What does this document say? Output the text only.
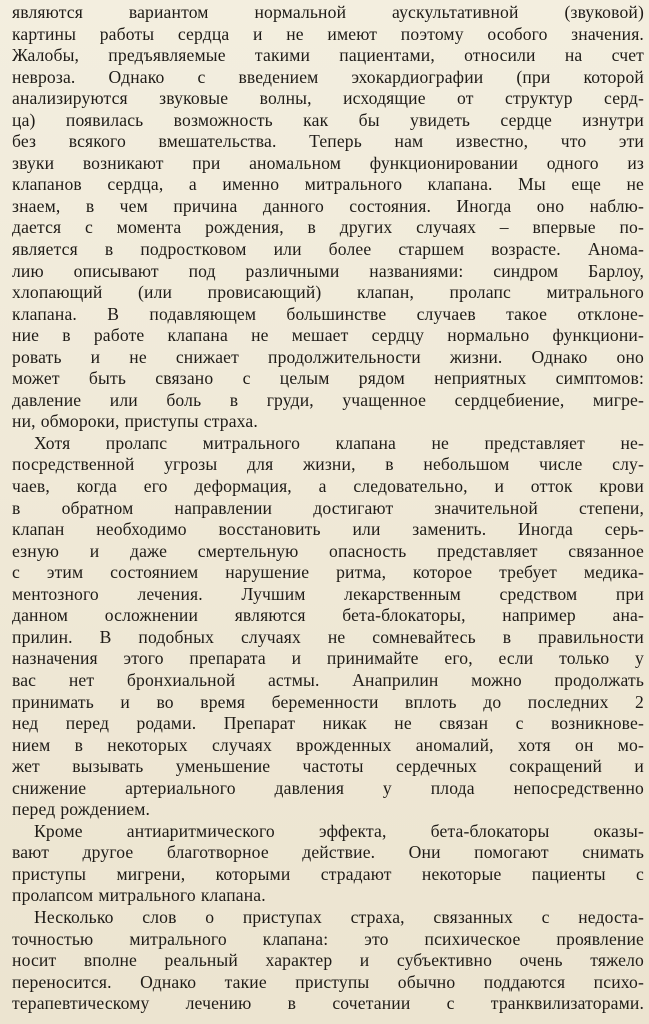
являются вариантом нормальной аускультативной (звуковой)
картины работы сердца и не имеют поэтому особого значения.
Жалобы, предъявляемые такими пациентами, относили на счет
невроза. Однако с введением эхокардиографии (при которой
анализируются звуковые волны, исходящие от структур серд-
ца) появилась возможность как бы увидеть сердце изнутри
без всякого вмешательства. Теперь нам известно, что эти
звуки возникают при аномальном функционировании одного из
клапанов сердца, а именно митрального клапана. Мы еще не
знаем, в чем причина данного состояния. Иногда оно наблю-
дается с момента рождения, в других случаях – впервые по-
является в подростковом или более старшем возрасте. Анома-
лию описывают под различными названиями: синдром Барлоу,
хлопающий (или провисающий) клапан, пролапс митрального
клапана. В подавляющем большинстве случаев такое отклоне-
ние в работе клапана не мешает сердцу нормально функциони-
ровать и не снижает продолжительности жизни. Однако оно
может быть связано с целым рядом неприятных симптомов:
давление или боль в груди, учащенное сердцебиение, мигре-
ни, обмороки, приступы страха.
Хотя пролапс митрального клапана не представляет не-
посредственной угрозы для жизни, в небольшом числе слу-
чаев, когда его деформация, а следовательно, и отток крови
в обратном направлении достигают значительной степени,
клапан необходимо восстановить или заменить. Иногда серь-
езную и даже смертельную опасность представляет связанное
с этим состоянием нарушение ритма, которое требует медика-
ментозного лечения. Лучшим лекарственным средством при
данном осложнении являются бета-блокаторы, например ана-
прилин. В подобных случаях не сомневайтесь в правильности
назначения этого препарата и принимайте его, если только у
вас нет бронхиальной астмы. Анаприлин можно продолжать
принимать и во время беременности вплоть до последних 2
нед перед родами. Препарат никак не связан с возникнове-
нием в некоторых случаях врожденных аномалий, хотя он мо-
жет вызывать уменьшение частоты сердечных сокращений и
снижение артериального давления у плода непосредственно
перед рождением.
Кроме антиаритмического эффекта, бета-блокаторы оказы-
вают другое благотворное действие. Они помогают снимать
приступы мигрени, которыми страдают некоторые пациенты с
пролапсом митрального клапана.
Несколько слов о приступах страха, связанных с недоста-
точностью митрального клапана: это психическое проявление
носит вполне реальный характер и субъективно очень тяжело
переносится. Однако такие приступы обычно поддаются психо-
терапевтическому лечению в сочетании с транквилизаторами.
